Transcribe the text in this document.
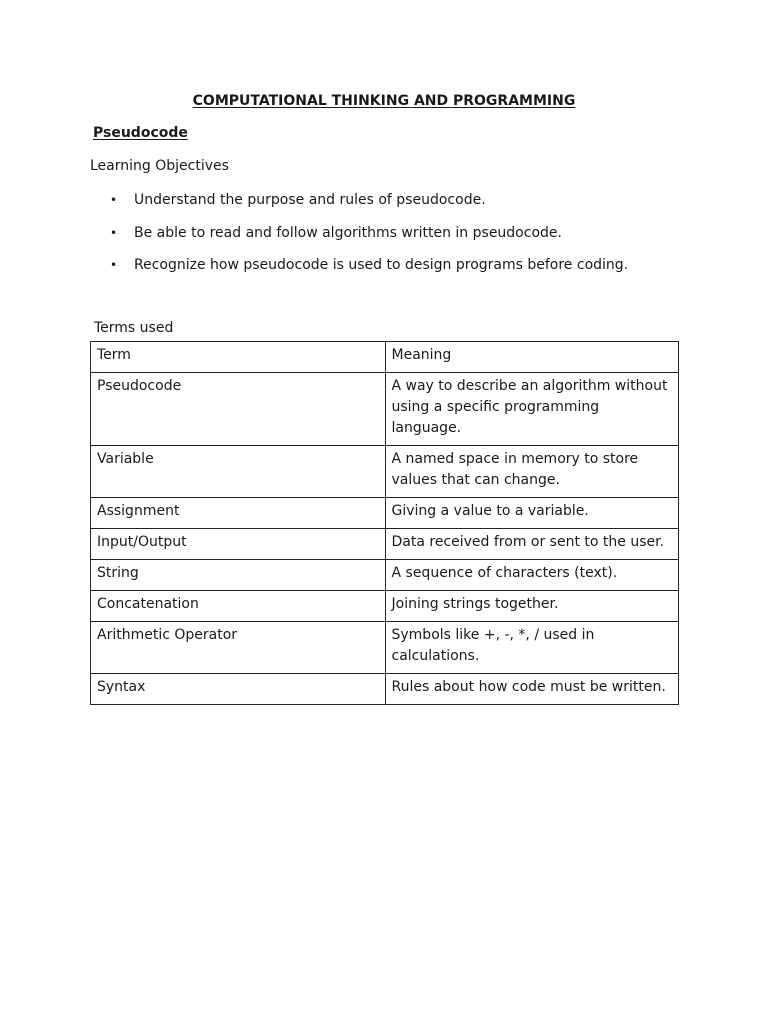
COMPUTATIONAL THINKING AND PROGRAMMING
Pseudocode
Learning Objectives
• Understand the purpose and rules of pseudocode.
• Be able to read and follow algorithms written in pseudocode.
• Recognize how pseudocode is used to design programs before coding.
Terms used
Term	Meaning
Pseudocode	A way to describe an algorithm without using a specific programming language.
Variable	A named space in memory to store values that can change.
Assignment	Giving a value to a variable.
Input/Output	Data received from or sent to the user.
String	A sequence of characters (text).
Concatenation	Joining strings together.
Arithmetic Operator	Symbols like +, -, *, / used in calculations.
Syntax	Rules about how code must be written.
